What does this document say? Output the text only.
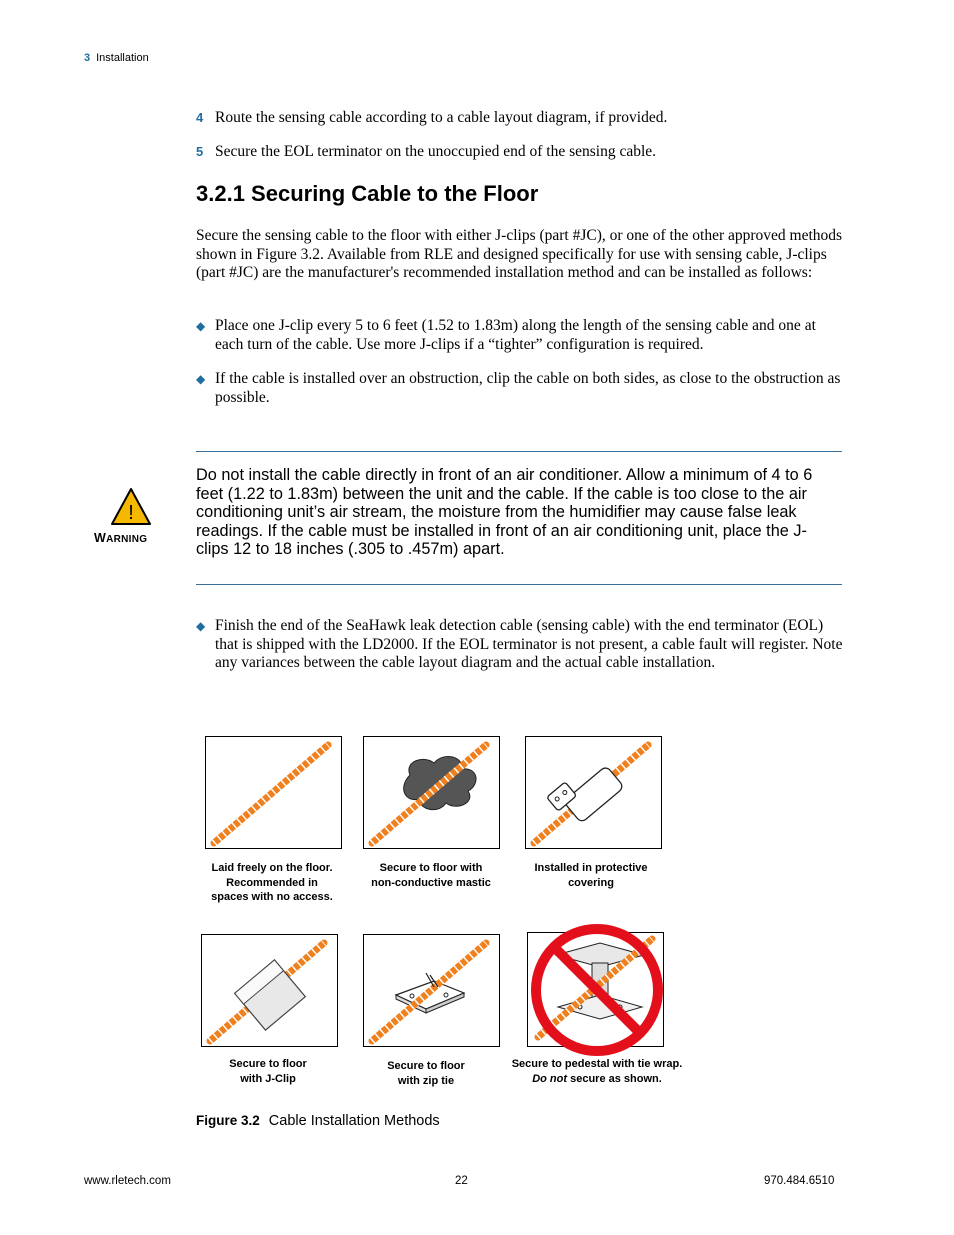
3 Installation
4 Route the sensing cable according to a cable layout diagram, if provided.
5 Secure the EOL terminator on the unoccupied end of the sensing cable.
3.2.1 Securing Cable to the Floor
Secure the sensing cable to the floor with either J-clips (part #JC), or one of the other approved methods shown in Figure 3.2. Available from RLE and designed specifically for use with sensing cable, J-clips (part #JC) are the manufacturer's recommended installation method and can be installed as follows:
◆ Place one J-clip every 5 to 6 feet (1.52 to 1.83m) along the length of the sensing cable and one at each turn of the cable. Use more J-clips if a “tighter” configuration is required.
◆ If the cable is installed over an obstruction, clip the cable on both sides, as close to the obstruction as possible.
!
WARNING
Do not install the cable directly in front of an air conditioner. Allow a minimum of 4 to 6 feet (1.22 to 1.83m) between the unit and the cable. If the cable is too close to the air conditioning unit’s air stream, the moisture from the humidifier may cause false leak readings. If the cable must be installed in front of an air conditioning unit, place the J-clips 12 to 18 inches (.305 to .457m) apart.
◆ Finish the end of the SeaHawk leak detection cable (sensing cable) with the end terminator (EOL) that is shipped with the LD2000. If the EOL terminator is not present, a cable fault will register. Note any variances between the cable layout diagram and the actual cable installation.
Laid freely on the floor.
Recommended in
spaces with no access.
Secure to floor with
non-conductive mastic
Installed in protective
covering
Secure to floor
with J-Clip
Secure to floor
with zip tie
Secure to pedestal with tie wrap.
Do not secure as shown.
Figure 3.2 Cable Installation Methods
www.rletech.com	22	970.484.6510
